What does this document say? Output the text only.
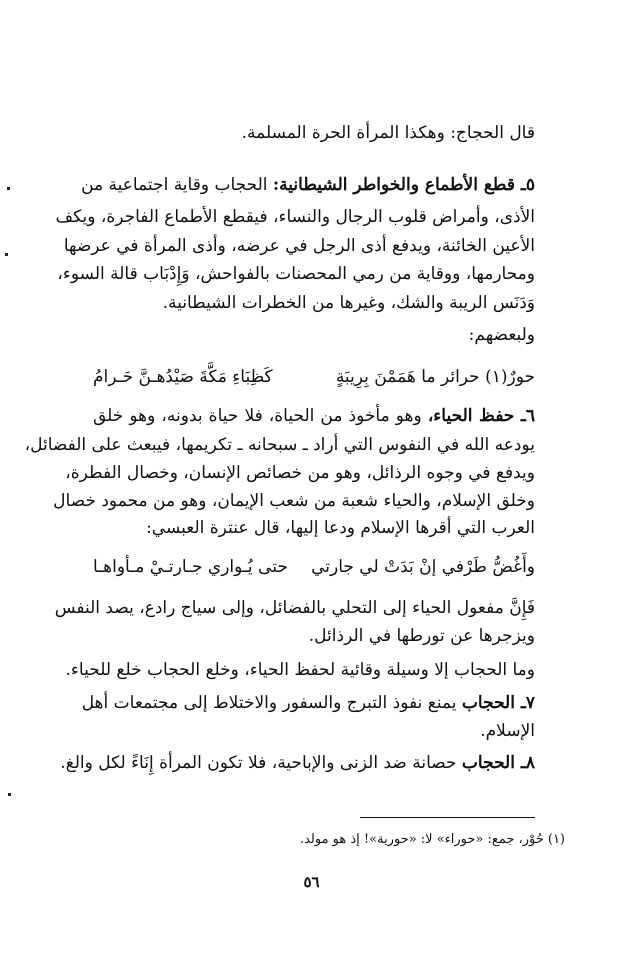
قال الحجاج: وهكذا المرأة الحرة المسلمة.
٥ـ قطع الأطماع والخواطر الشيطانية: الحجاب وقاية اجتماعية من
الأذى، وأمراض قلوب الرجال والنساء، فيقطع الأطماع الفاجرة، ويكف
الأعين الخائنة، ويدفع أذى الرجل في عرضه، وأذى المرأة في عرضها
ومحارمها، ووقاية من رمي المحصنات بالفواحش، وَإِدْبَاب قالة السوء،
وَدَنَس الريبة والشك، وغيرها من الخطرات الشيطانية.
ولبعضهم:
حورٌ(١) حرائر ما هَمَمْنَ بِرِيبَةٍ
كَظِبَاءِ مَكَّةَ صَيْدُهـنَّ حَـرامُ
٦ـ حفظ الحياء، وهو مأخوذ من الحياة، فلا حياة بدونه، وهو خلق
يودعه الله في النفوس التي أراد ـ سبحانه ـ تكريمها، فيبعث على الفضائل،
ويدفع في وجوه الرذائل، وهو من خصائص الإنسان، وخصال الفطرة،
وخلق الإسلام، والحياء شعبة من شعب الإيمان، وهو من محمود خصال
العرب التي أقرها الإسلام ودعا إليها، قال عنترة العبسي:
وأَغُضُّ طَرْفي إنْ بَدَتْ لي جارتي
حتى يُـواري جـارتـيْ مـأواهـا
فَإِنَّ مفعول الحياء إلى التحلي بالفضائل، وإلى سياج رادع، يصد النفس
ويزجرها عن تورطها في الرذائل.
وما الحجاب إلا وسيلة وقائية لحفظ الحياء، وخلع الحجاب خلع للحياء.
٧ـ الحجاب يمنع نفوذ التبرج والسفور والاختلاط إلى مجتمعات أهل
الإسلام.
٨ـ الحجاب حصانة ضد الزنى والإباحية، فلا تكون المرأة إِنَاءً لكل والغ.
(١) حُوْر، جمع: «حوراء» لا: «حورية»! إذ هو مولد.
٥٦
